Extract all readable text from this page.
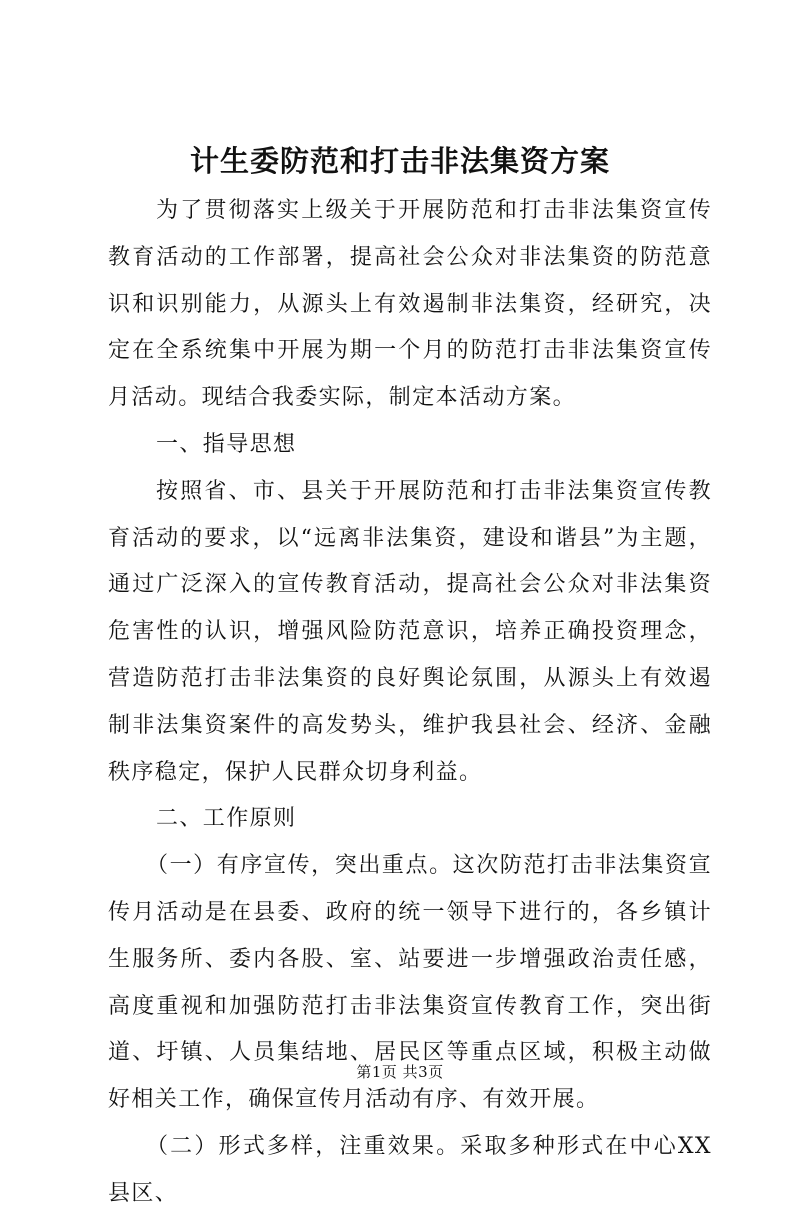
计生委防范和打击非法集资方案

为了贯彻落实上级关于开展防范和打击非法集资宣传教育活动的工作部署，提高社会公众对非法集资的防范意识和识别能力，从源头上有效遏制非法集资，经研究，决定在全系统集中开展为期一个月的防范打击非法集资宣传月活动。现结合我委实际，制定本活动方案。

一、指导思想

按照省、市、县关于开展防范和打击非法集资宣传教育活动的要求，以“远离非法集资，建设和谐县”为主题，通过广泛深入的宣传教育活动，提高社会公众对非法集资危害性的认识，增强风险防范意识，培养正确投资理念，营造防范打击非法集资的良好舆论氛围，从源头上有效遏制非法集资案件的高发势头，维护我县社会、经济、金融秩序稳定，保护人民群众切身利益。

二、工作原则

（一）有序宣传，突出重点。这次防范打击非法集资宣传月活动是在县委、政府的统一领导下进行的，各乡镇计生服务所、委内各股、室、站要进一步增强政治责任感，高度重视和加强防范打击非法集资宣传教育工作，突出街道、圩镇、人员集结地、居民区等重点区域，积极主动做好相关工作，确保宣传月活动有序、有效开展。

（二）形式多样，注重效果。采取多种形式在中心XX县区、

第1页 共3页
